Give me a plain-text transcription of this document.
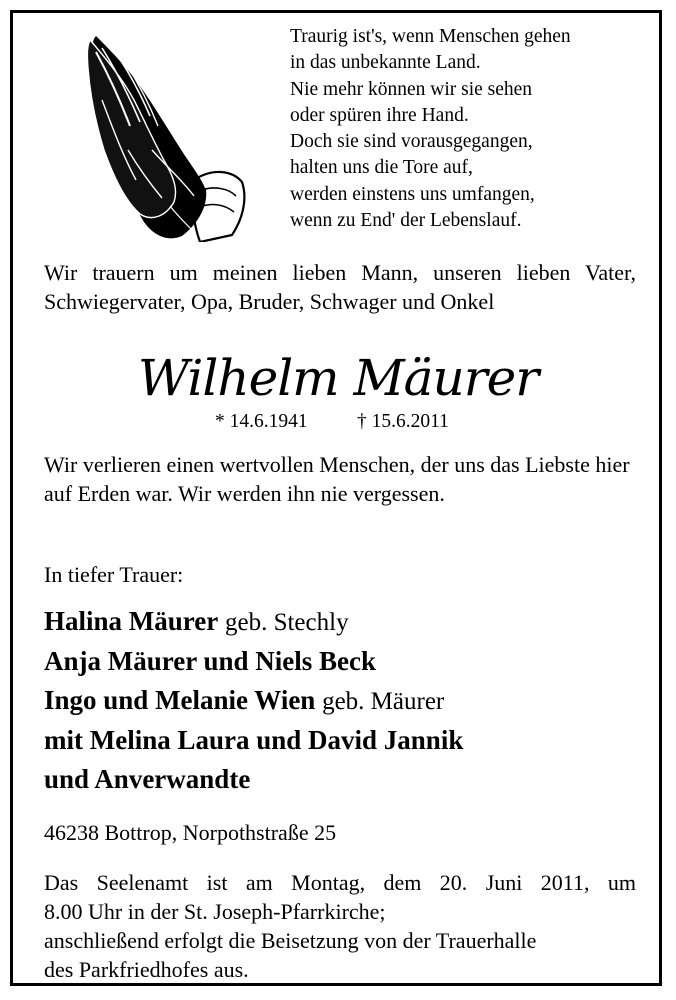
Traurig ist's, wenn Menschen gehen
in das unbekannte Land.
Nie mehr können wir sie sehen
oder spüren ihre Hand.
Doch sie sind vorausgegangen,
halten uns die Tore auf,
werden einstens uns umfangen,
wenn zu End' der Lebenslauf.
Wir trauern um meinen lieben Mann, unseren lieben Vater, Schwiegervater, Opa, Bruder, Schwager und Onkel
Wilhelm Mäurer
* 14.6.1941	† 15.6.2011
Wir verlieren einen wertvollen Menschen, der uns das Liebste hier auf Erden war. Wir werden ihn nie vergessen.
In tiefer Trauer:
Halina Mäurer geb. Stechly
Anja Mäurer und Niels Beck
Ingo und Melanie Wien geb. Mäurer
mit Melina Laura und David Jannik
und Anverwandte
46238 Bottrop, Norpothstraße 25
Das Seelenamt ist am Montag, dem 20. Juni 2011, um
8.00 Uhr in der St. Joseph-Pfarrkirche;
anschließend erfolgt die Beisetzung von der Trauerhalle
des Parkfriedhofes aus.
